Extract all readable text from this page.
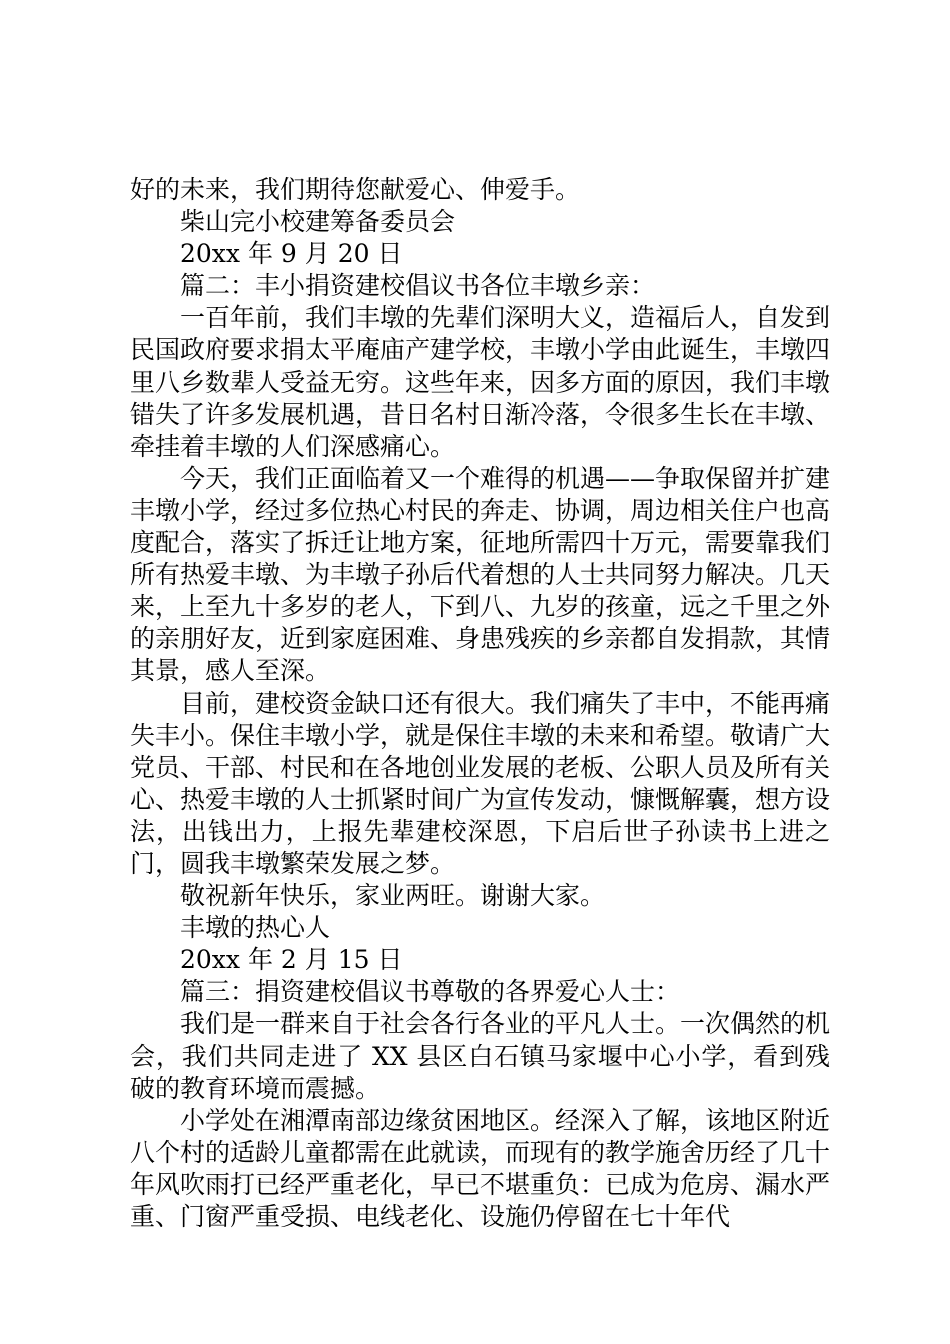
好的未来，我们期待您献爱心、伸爱手。

柴山完小校建筹备委员会

20xx 年 9 月 20 日

篇二：丰小捐资建校倡议书各位丰墩乡亲：

一百年前，我们丰墩的先辈们深明大义，造福后人，自发到民国政府要求捐太平庵庙产建学校，丰墩小学由此诞生，丰墩四里八乡数辈人受益无穷。这些年来，因多方面的原因，我们丰墩错失了许多发展机遇，昔日名村日渐冷落，令很多生长在丰墩、牵挂着丰墩的人们深感痛心。

今天，我们正面临着又一个难得的机遇——争取保留并扩建丰墩小学，经过多位热心村民的奔走、协调，周边相关住户也高度配合，落实了拆迁让地方案，征地所需四十万元，需要靠我们所有热爱丰墩、为丰墩子孙后代着想的人士共同努力解决。几天来，上至九十多岁的老人，下到八、九岁的孩童，远之千里之外的亲朋好友，近到家庭困难、身患残疾的乡亲都自发捐款，其情其景，感人至深。

目前，建校资金缺口还有很大。我们痛失了丰中，不能再痛失丰小。保住丰墩小学，就是保住丰墩的未来和希望。敬请广大党员、干部、村民和在各地创业发展的老板、公职人员及所有关心、热爱丰墩的人士抓紧时间广为宣传发动，慷慨解囊，想方设法，出钱出力，上报先辈建校深恩，下启后世子孙读书上进之门，圆我丰墩繁荣发展之梦。

敬祝新年快乐，家业两旺。谢谢大家。

丰墩的热心人

20xx 年 2 月 15 日

篇三：捐资建校倡议书尊敬的各界爱心人士：

我们是一群来自于社会各行各业的平凡人士。一次偶然的机会，我们共同走进了 XX 县区白石镇马家堰中心小学，看到残破的教育环境而震撼。

小学处在湘潭南部边缘贫困地区。经深入了解，该地区附近八个村的适龄儿童都需在此就读，而现有的教学施舍历经了几十年风吹雨打已经严重老化，早已不堪重负：已成为危房、漏水严重、门窗严重受损、电线老化、设施仍停留在七十年代
